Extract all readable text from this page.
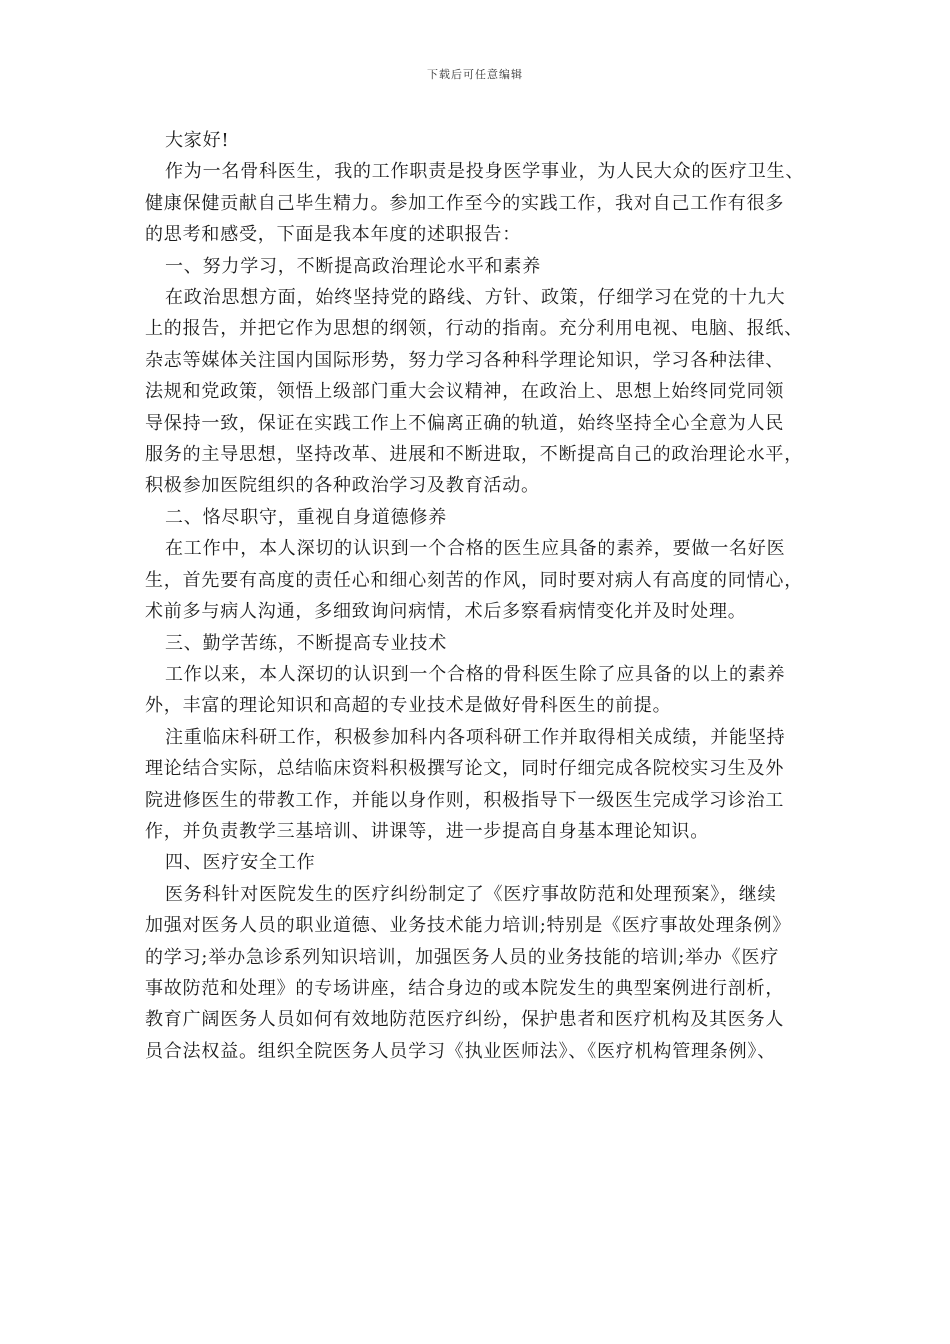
下载后可任意编辑
大家好!
作为一名骨科医生，我的工作职责是投身医学事业，为人民大众的医疗卫生、
健康保健贡献自己毕生精力。参加工作至今的实践工作，我对自己工作有很多
的思考和感受，下面是我本年度的述职报告：
一、努力学习，不断提高政治理论水平和素养
在政治思想方面，始终坚持党的路线、方针、政策，仔细学习在党的十九大
上的报告，并把它作为思想的纲领，行动的指南。充分利用电视、电脑、报纸、
杂志等媒体关注国内国际形势，努力学习各种科学理论知识，学习各种法律、
法规和党政策，领悟上级部门重大会议精神，在政治上、思想上始终同党同领
导保持一致，保证在实践工作上不偏离正确的轨道，始终坚持全心全意为人民
服务的主导思想，坚持改革、进展和不断进取，不断提高自己的政治理论水平，
积极参加医院组织的各种政治学习及教育活动。
二、恪尽职守，重视自身道德修养
在工作中，本人深切的认识到一个合格的医生应具备的素养，要做一名好医
生，首先要有高度的责任心和细心刻苦的作风，同时要对病人有高度的同情心，
术前多与病人沟通，多细致询问病情，术后多察看病情变化并及时处理。
三、勤学苦练，不断提高专业技术
工作以来，本人深切的认识到一个合格的骨科医生除了应具备的以上的素养
外，丰富的理论知识和高超的专业技术是做好骨科医生的前提。
注重临床科研工作，积极参加科内各项科研工作并取得相关成绩，并能坚持
理论结合实际，总结临床资料积极撰写论文，同时仔细完成各院校实习生及外
院进修医生的带教工作，并能以身作则，积极指导下一级医生完成学习诊治工
作，并负责教学三基培训、讲课等，进一步提高自身基本理论知识。
四、医疗安全工作
医务科针对医院发生的医疗纠纷制定了《医疗事故防范和处理预案》，继续
加强对医务人员的职业道德、业务技术能力培训;特别是《医疗事故处理条例》
的学习;举办急诊系列知识培训，加强医务人员的业务技能的培训;举办《医疗
事故防范和处理》的专场讲座，结合身边的或本院发生的典型案例进行剖析，
教育广阔医务人员如何有效地防范医疗纠纷，保护患者和医疗机构及其医务人
员合法权益。组织全院医务人员学习《执业医师法》、《医疗机构管理条例》、
